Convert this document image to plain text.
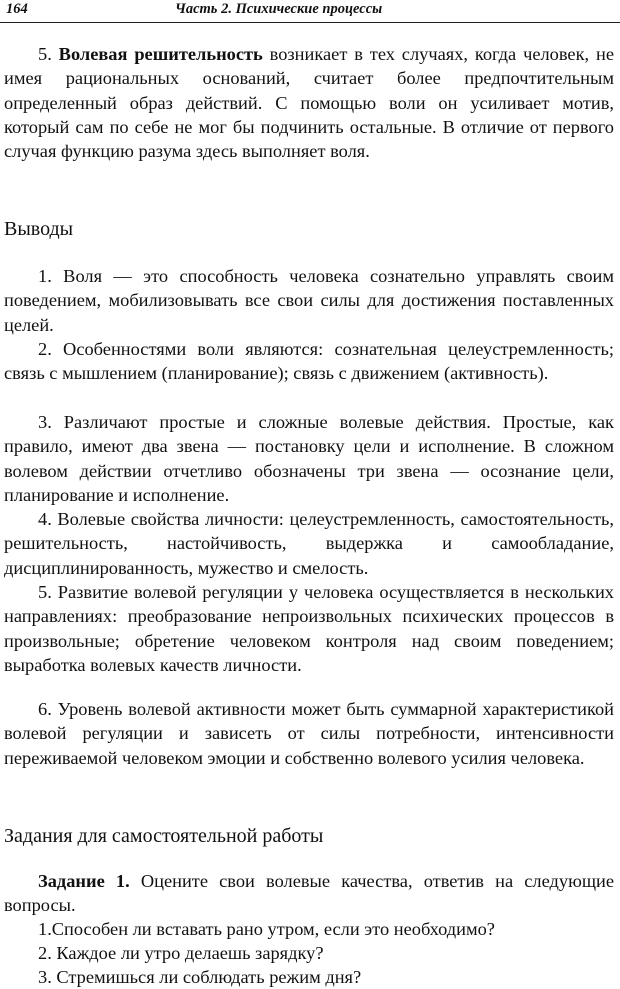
164	Часть 2. Психические процессы
5. Волевая решительность возникает в тех случаях, когда человек, не имея рациональных оснований, считает более предпочтительным определенный образ действий. С помощью воли он усиливает мотив, который сам по себе не мог бы подчинить остальные. В отличие от первого случая функцию разума здесь выполняет воля.
Выводы
1. Воля — это способность человека сознательно управлять своим поведением, мобилизовывать все свои силы для достижения поставленных целей.
2. Особенностями воли являются: сознательная целеустремленность; связь с мышлением (планирование); связь с движением (активность).
3. Различают простые и сложные волевые действия. Простые, как правило, имеют два звена — постановку цели и исполнение. В сложном волевом действии отчетливо обозначены три звена — осознание цели, планирование и исполнение.
4. Волевые свойства личности: целеустремленность, самостоятельность, решительность, настойчивость, выдержка и самообладание, дисциплинированность, мужество и смелость.
5. Развитие волевой регуляции у человека осуществляется в нескольких направлениях: преобразование непроизвольных психических процессов в произвольные; обретение человеком контроля над своим поведением; выработка волевых качеств личности.
6. Уровень волевой активности может быть суммарной характеристикой волевой регуляции и зависеть от силы потребности, интенсивности переживаемой человеком эмоции и собственно волевого усилия человека.
Задания для самостоятельной работы
Задание 1. Оцените свои волевые качества, ответив на следующие вопросы.
1.Способен ли вставать рано утром, если это необходимо?
2. Каждое ли утро делаешь зарядку?
3. Стремишься ли соблюдать режим дня?
